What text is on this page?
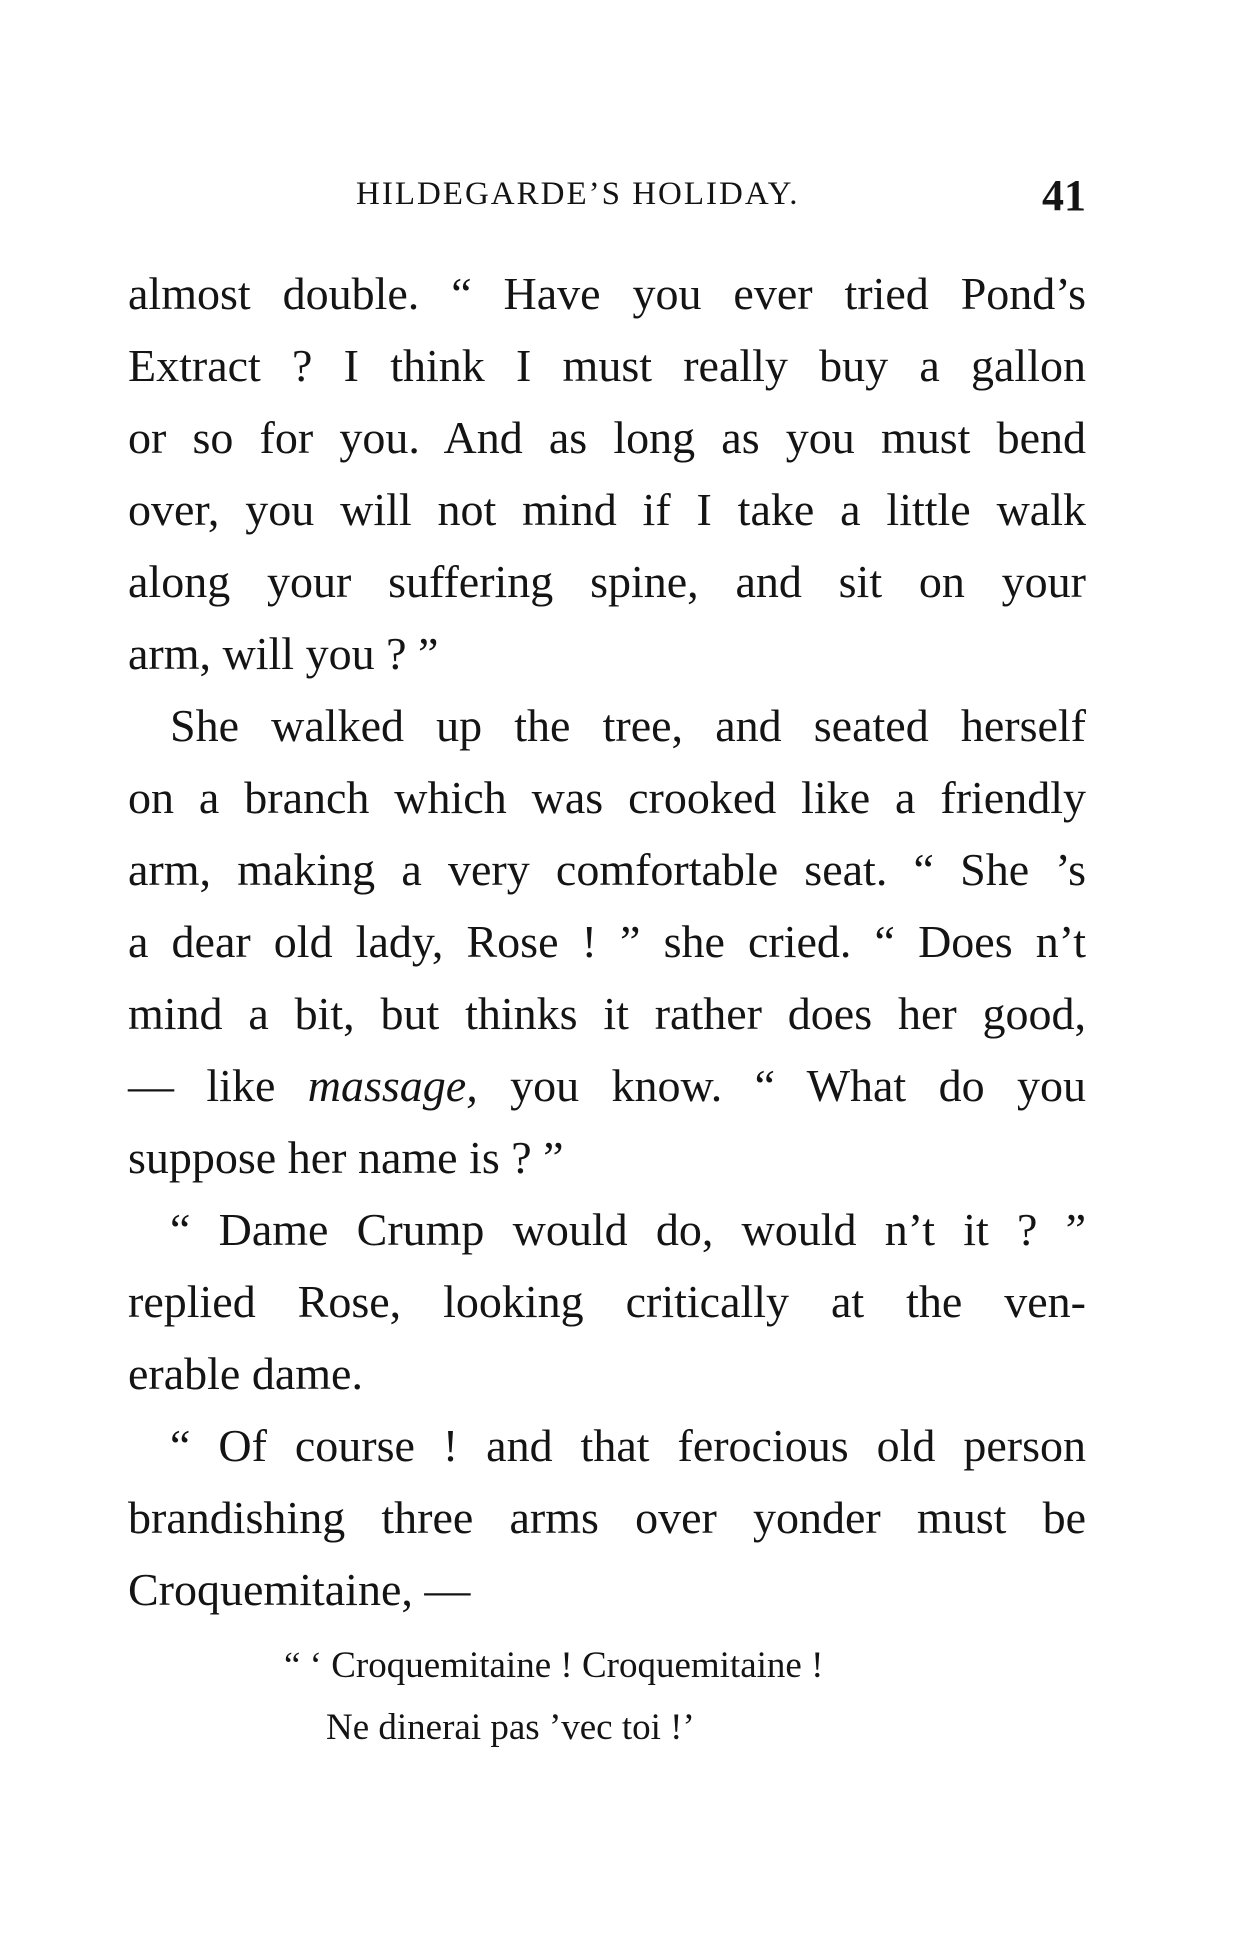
HILDEGARDE’S HOLIDAY.	41
almost double. “ Have you ever tried Pond’s
Extract ? I think I must really buy a gallon
or so for you. And as long as you must bend
over, you will not mind if I take a little walk
along your suffering spine, and sit on your
arm, will you ? ”
She walked up the tree, and seated herself
on a branch which was crooked like a friendly
arm, making a very comfortable seat. “ She ’s
a dear old lady, Rose ! ” she cried. “ Does n’t
mind a bit, but thinks it rather does her good,
— like massage, you know. “ What do you
suppose her name is ? ”
“ Dame Crump would do, would n’t it ? ”
replied Rose, looking critically at the ven-
erable dame.
“ Of course ! and that ferocious old person
brandishing three arms over yonder must be
Croquemitaine, —
“ ‘ Croquemitaine ! Croquemitaine !
Ne dinerai pas ’vec toi !’
